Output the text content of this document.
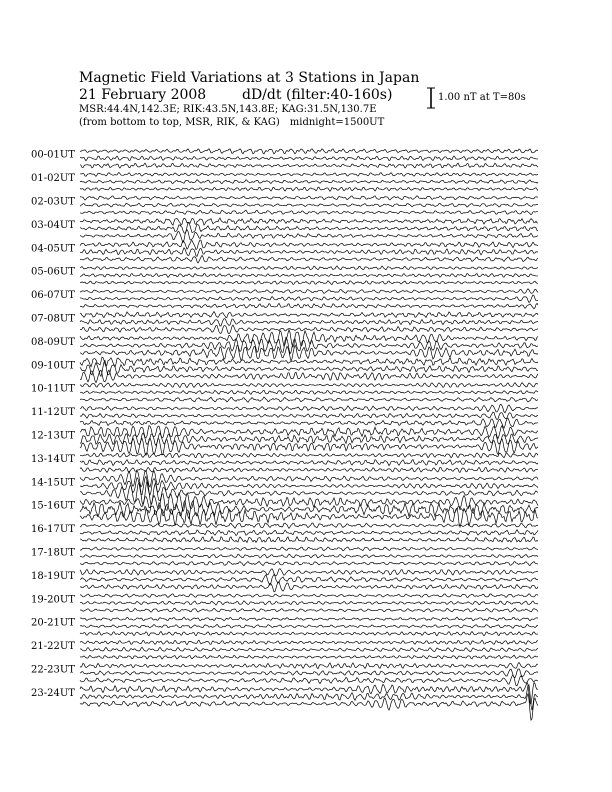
Magnetic Field Variations at 3 Stations in Japan
21 February 2008	dD/dt (filter:40-160s)
MSR:44.4N,142.3E; RIK:43.5N,143.8E; KAG:31.5N,130.7E
(from bottom to top, MSR, RIK, & KAG) midnight=1500UT
1.00 nT at T=80s
00-01UT
01-02UT
02-03UT
03-04UT
04-05UT
05-06UT
06-07UT
07-08UT
08-09UT
09-10UT
10-11UT
11-12UT
12-13UT
13-14UT
14-15UT
15-16UT
16-17UT
17-18UT
18-19UT
19-20UT
20-21UT
21-22UT
22-23UT
23-24UT
